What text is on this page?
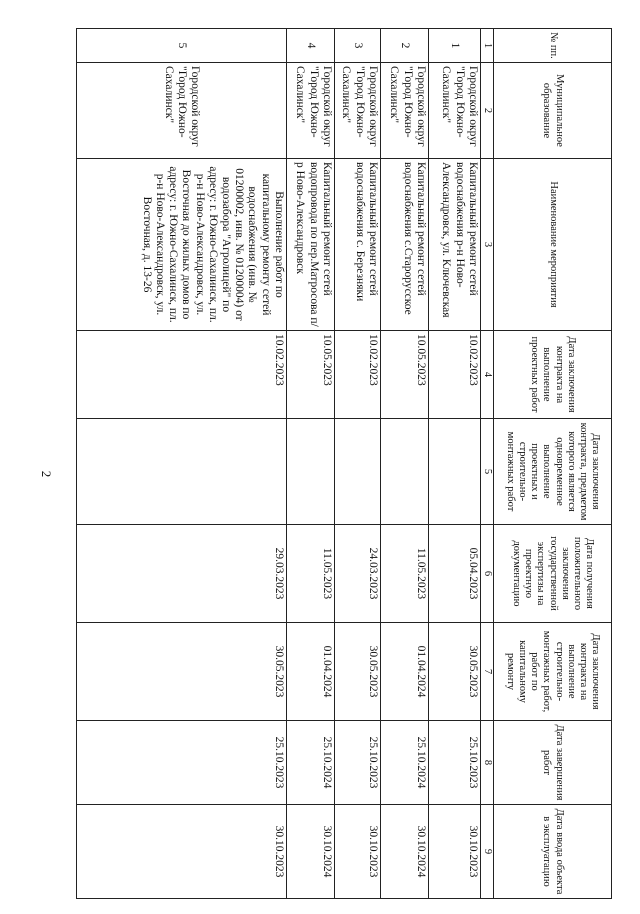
2
№ пп.	Муниципальное образование	Наименование мероприятия	Дата заключения контракта на выполнение проектных работ	Дата заключения контракта, предметом которого является одновременное выполнение проектных и строительно-монтажных работ	Дата получения положительного заключения государственной экспертизы на проектную документацию	Дата заключения контракта на выполнение строительно-монтажных работ, работ по капитальному ремонту	Дата завершения работ	Дата ввода объекта в эксплуатацию
1	2	3	4	5	6	7	8	9
1	Городской округ "Город Южно-Сахалинск"	Капитальный ремонт сетей водоснабжения р-н Ново-Александровск, ул. Ключевская	10.02.2023		05.04.2023	30.05.2023	25.10.2023	30.10.2023
2	Городской округ "Город Южно-Сахалинск"	Капитальный ремонт сетей водоснабжения с.Старорусское	10.05.2023		11.05.2023	01.04.2024	25.10.2024	30.10.2024
3	Городской округ "Город Южно-Сахалинск"	Капитальный ремонт сетей водоснабжения с. Березняки	10.02.2023		24.03.2023	30.05.2023	25.10.2023	30.10.2023
4	Городской округ "Город Южно-Сахалинск"	Капитальный ремонт сетей водопровода по пер.Матросова п/р Ново-Александровск	10.05.2023		11.05.2023	01.04.2024	25.10.2024	30.10.2024
5	Городской округ "Город Южно-Сахалинск"	Выполнение работ по капитальному ремонту сетей водоснабжения (инв. № 01200002, инв. № 01200004) от водозабора "Агролицей" по адресу: г. Южно-Сахалинск, пл. р-н Ново-Александровск, ул. Восточная до жилых домов по адресу: г. Южно-Сахалинск, пл. р-н Ново-Александровск, ул. Восточная, д. 13-26	10.02.2023		29.03.2023	30.05.2023	25.10.2023	30.10.2023
